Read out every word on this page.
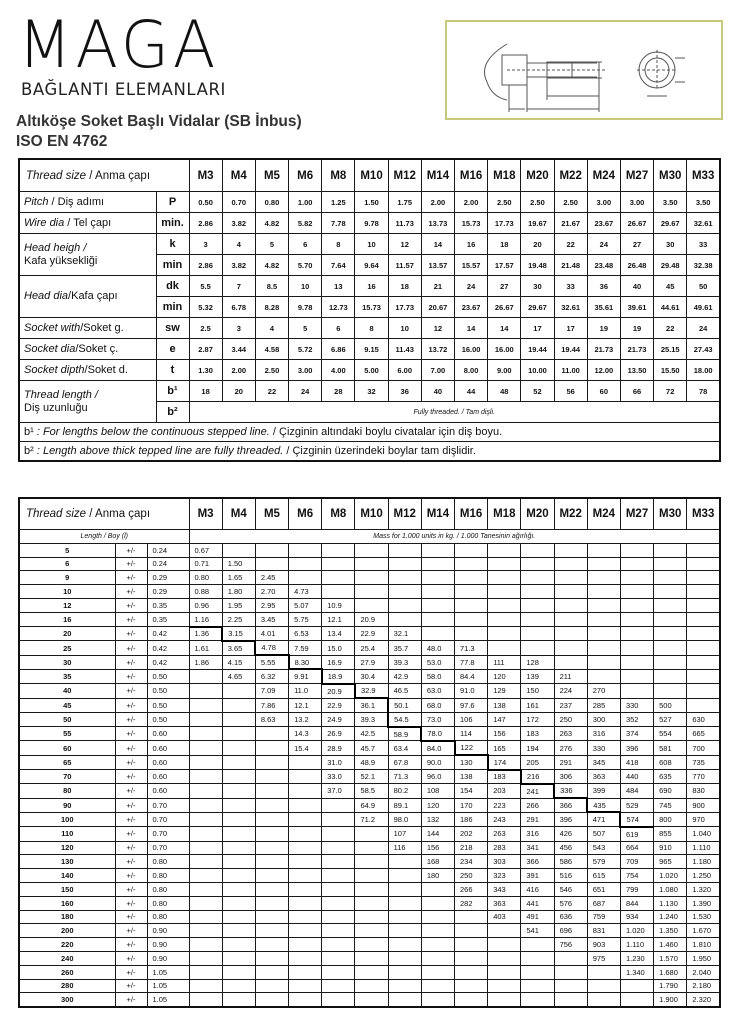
MAGA
BAĞLANTI ELEMANLARI
Altıköşe Soket Başlı Vidalar (SB İnbus)
ISO EN 4762
Thread size / Anma çapı		M3	M4	M5	M6	M8	M10	M12	M14	M16	M18	M20	M22	M24	M27	M30	M33
Pitch / Diş adımı	P	0.50	0.70	0.80	1.00	1.25	1.50	1.75	2.00	2.00	2.50	2.50	2.50	3.00	3.00	3.50	3.50
Wire dia / Tel çapı	min.	2.86	3.82	4.82	5.82	7.78	9.78	11.73	13.73	15.73	17.73	19.67	21.67	23.67	26.67	29.67	32.61
Head heigh /
Kafa yüksekliği	k	3	4	5	6	8	10	12	14	16	18	20	22	24	27	30	33
	min	2.86	3.82	4.82	5.70	7.64	9.64	11.57	13.57	15.57	17.57	19.48	21.48	23.48	26.48	29.48	32.38
Head dia/Kafa çapı	dk	5.5	7	8.5	10	13	16	18	21	24	27	30	33	36	40	45	50
	min	5.32	6.78	8.28	9.78	12.73	15.73	17.73	20.67	23.67	26.67	29.67	32.61	35.61	39.61	44.61	49.61
Socket with/Soket g.	sw	2.5	3	4	5	6	8	10	12	14	14	17	17	19	19	22	24
Socket dia/Soket ç.	e	2.87	3.44	4.58	5.72	6.86	9.15	11.43	13.72	16.00	16.00	19.44	19.44	21.73	21.73	25.15	27.43
Socket dipth/Soket d.	t	1.30	2.00	2.50	3.00	4.00	5.00	6.00	7.00	8.00	9.00	10.00	11.00	12.00	13.50	15.50	18.00
Thread length /
Diş uzunluğu	b¹	18	20	22	24	28	32	36	40	44	48	52	56	60	66	72	78
	b²	Fully threaded. / Tam dişli.															
b¹ : For lengths below the continuous stepped line. / Çizginin altındaki boylu civatalar için diş boyu.																	
b² : Length above thick tepped line are fully threaded. / Çizginin üzerindeki boylar tam dişlidir.																	
Thread size / Anma çapı			M3	M4	M5	M6	M8	M10	M12	M14	M16	M18	M20	M22	M24	M27	M30	M33
Length / Boy (l)			Mass for 1.000 units in kg. / 1.000 Tanesinin ağırlığı.															
5	+/-	0.24	0.67															
6	+/-	0.24	0.71	1.50														
9	+/-	0.29	0.80	1.65	2.45													
10	+/-	0.29	0.88	1.80	2.70	4.73												
12	+/-	0.35	0.96	1.95	2.95	5.07	10.9											
16	+/-	0.35	1.16	2.25	3.45	5.75	12.1	20.9										
20	+/-	0.42	1.36	3.15	4.01	6.53	13.4	22.9	32.1									
25	+/-	0.42	1.61	3.65	4.78	7.59	15.0	25.4	35.7	48.0	71.3							
30	+/-	0.42	1.86	4.15	5.55	8.30	16.9	27.9	39.3	53.0	77.8	111	128					
35	+/-	0.50		4.65	6.32	9.91	18.9	30.4	42.9	58.0	84.4	120	139	211				
40	+/-	0.50			7.09	11.0	20.9	32.9	46.5	63.0	91.0	129	150	224	270			
45	+/-	0.50			7.86	12.1	22.9	36.1	50.1	68.0	97.6	138	161	237	285	330	500	
50	+/-	0.50			8.63	13.2	24.9	39.3	54.5	73.0	106	147	172	250	300	352	527	630
55	+/-	0.60				14.3	26.9	42.5	58.9	78.0	114	156	183	263	316	374	554	665
60	+/-	0.60				15.4	28.9	45.7	63.4	84.0	122	165	194	276	330	396	581	700
65	+/-	0.60					31.0	48.9	67.8	90.0	130	174	205	291	345	418	608	735
70	+/-	0.60					33.0	52.1	71.3	96.0	138	183	216	306	363	440	635	770
80	+/-	0.60					37.0	58.5	80.2	108	154	203	241	336	399	484	690	830
90	+/-	0.70						64.9	89.1	120	170	223	266	366	435	529	745	900
100	+/-	0.70						71.2	98.0	132	186	243	291	396	471	574	800	970
110	+/-	0.70							107	144	202	263	316	426	507	619	855	1.040
120	+/-	0.70							116	156	218	283	341	456	543	664	910	1.110
130	+/-	0.80								168	234	303	366	586	579	709	965	1.180
140	+/-	0.80								180	250	323	391	516	615	754	1.020	1.250
150	+/-	0.80									266	343	416	546	651	799	1.080	1.320
160	+/-	0.80									282	363	441	576	687	844	1.130	1.390
180	+/-	0.80										403	491	636	759	934	1.240	1.530
200	+/-	0.90											541	696	831	1.020	1.350	1.670
220	+/-	0.90												756	903	1.110	1.460	1.810
240	+/-	0.90													975	1.230	1.570	1.950
260	+/-	1.05														1.340	1.680	2.040
280	+/-	1.05															1.790	2.180
300	+/-	1.05															1.900	2.320
